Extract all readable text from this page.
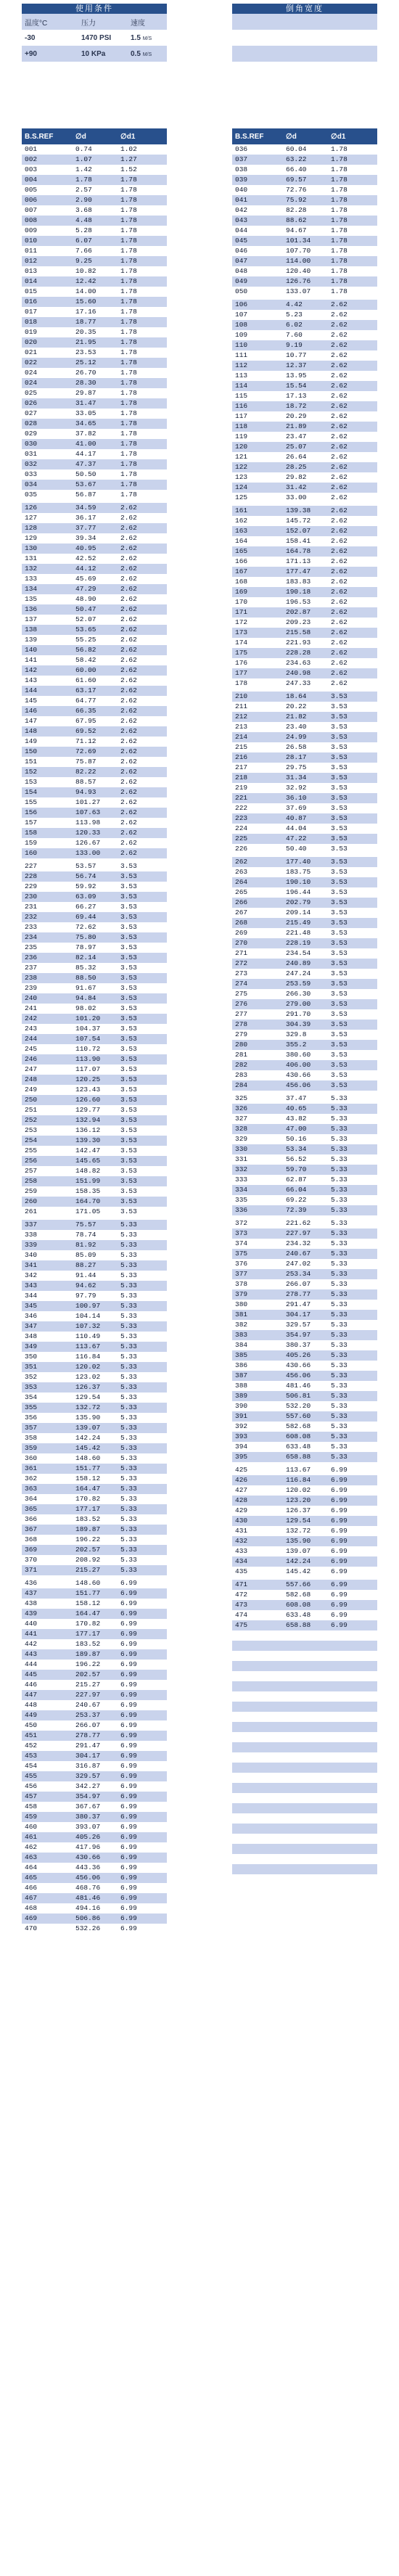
使用条件
温度°C	压力	速度
-30	1470 PSI	1.5 M/S
+90	10 KPa	0.5 M/S
倒角宽度

B.S.REF	∅d	∅d1
001	0.74	1.02
002	1.07	1.27
003	1.42	1.52
004	1.78	1.78
005	2.57	1.78
006	2.90	1.78
007	3.68	1.78
008	4.48	1.78
009	5.28	1.78
010	6.07	1.78
011	7.66	1.78
012	9.25	1.78
013	10.82	1.78
014	12.42	1.78
015	14.00	1.78
016	15.60	1.78
017	17.16	1.78
018	18.77	1.78
019	20.35	1.78
020	21.95	1.78
021	23.53	1.78
022	25.12	1.78
024	26.70	1.78
024	28.30	1.78
025	29.87	1.78
026	31.47	1.78
027	33.05	1.78
028	34.65	1.78
029	37.82	1.78
030	41.00	1.78
031	44.17	1.78
032	47.37	1.78
033	50.50	1.78
034	53.67	1.78
035	56.87	1.78
126	34.59	2.62
127	36.17	2.62
128	37.77	2.62
129	39.34	2.62
130	40.95	2.62
131	42.52	2.62
132	44.12	2.62
133	45.69	2.62
134	47.29	2.62
135	48.90	2.62
136	50.47	2.62
137	52.07	2.62
138	53.65	2.62
139	55.25	2.62
140	56.82	2.62
141	58.42	2.62
142	60.00	2.62
143	61.60	2.62
144	63.17	2.62
145	64.77	2.62
146	66.35	2.62
147	67.95	2.62
148	69.52	2.62
149	71.12	2.62
150	72.69	2.62
151	75.87	2.62
152	82.22	2.62
153	88.57	2.62
154	94.93	2.62
155	101.27	2.62
156	107.63	2.62
157	113.98	2.62
158	120.33	2.62
159	126.67	2.62
160	133.00	2.62
227	53.57	3.53
228	56.74	3.53
229	59.92	3.53
230	63.09	3.53
231	66.27	3.53
232	69.44	3.53
233	72.62	3.53
234	75.80	3.53
235	78.97	3.53
236	82.14	3.53
237	85.32	3.53
238	88.50	3.53
239	91.67	3.53
240	94.84	3.53
241	98.02	3.53
242	101.20	3.53
243	104.37	3.53
244	107.54	3.53
245	110.72	3.53
246	113.90	3.53
247	117.07	3.53
248	120.25	3.53
249	123.43	3.53
250	126.60	3.53
251	129.77	3.53
252	132.94	3.53
253	136.12	3.53
254	139.30	3.53
255	142.47	3.53
256	145.65	3.53
257	148.82	3.53
258	151.99	3.53
259	158.35	3.53
260	164.70	3.53
261	171.05	3.53
337	75.57	5.33
338	78.74	5.33
339	81.92	5.33
340	85.09	5.33
341	88.27	5.33
342	91.44	5.33
343	94.62	5.33
344	97.79	5.33
345	100.97	5.33
346	104.14	5.33
347	107.32	5.33
348	110.49	5.33
349	113.67	5.33
350	116.84	5.33
351	120.02	5.33
352	123.02	5.33
353	126.37	5.33
354	129.54	5.33
355	132.72	5.33
356	135.90	5.33
357	139.07	5.33
358	142.24	5.33
359	145.42	5.33
360	148.60	5.33
361	151.77	5.33
362	158.12	5.33
363	164.47	5.33
364	170.82	5.33
365	177.17	5.33
366	183.52	5.33
367	189.87	5.33
368	196.22	5.33
369	202.57	5.33
370	208.92	5.33
371	215.27	5.33
436	148.60	6.99
437	151.77	6.99
438	158.12	6.99
439	164.47	6.99
440	170.82	6.99
441	177.17	6.99
442	183.52	6.99
443	189.87	6.99
444	196.22	6.99
445	202.57	6.99
446	215.27	6.99
447	227.97	6.99
448	240.67	6.99
449	253.37	6.99
450	266.07	6.99
451	278.77	6.99
452	291.47	6.99
453	304.17	6.99
454	316.87	6.99
455	329.57	6.99
456	342.27	6.99
457	354.97	6.99
458	367.67	6.99
459	380.37	6.99
460	393.07	6.99
461	405.26	6.99
462	417.96	6.99
463	430.66	6.99
464	443.36	6.99
465	456.06	6.99
466	468.76	6.99
467	481.46	6.99
468	494.16	6.99
469	506.86	6.99
470	532.26	6.99
B.S.REF	∅d	∅d1
036	60.04	1.78
037	63.22	1.78
038	66.40	1.78
039	69.57	1.78
040	72.76	1.78
041	75.92	1.78
042	82.28	1.78
043	88.62	1.78
044	94.67	1.78
045	101.34	1.78
046	107.70	1.78
047	114.00	1.78
048	120.40	1.78
049	126.76	1.78
050	133.07	1.78
106	4.42	2.62
107	5.23	2.62
108	6.02	2.62
109	7.60	2.62
110	9.19	2.62
111	10.77	2.62
112	12.37	2.62
113	13.95	2.62
114	15.54	2.62
115	17.13	2.62
116	18.72	2.62
117	20.29	2.62
118	21.89	2.62
119	23.47	2.62
120	25.07	2.62
121	26.64	2.62
122	28.25	2.62
123	29.82	2.62
124	31.42	2.62
125	33.00	2.62
161	139.38	2.62
162	145.72	2.62
163	152.07	2.62
164	158.41	2.62
165	164.78	2.62
166	171.13	2.62
167	177.47	2.62
168	183.83	2.62
169	190.18	2.62
170	196.53	2.62
171	202.87	2.62
172	209.23	2.62
173	215.58	2.62
174	221.93	2.62
175	228.28	2.62
176	234.63	2.62
177	240.98	2.62
178	247.33	2.62
210	18.64	3.53
211	20.22	3.53
212	21.82	3.53
213	23.40	3.53
214	24.99	3.53
215	26.58	3.53
216	28.17	3.53
217	29.75	3.53
218	31.34	3.53
219	32.92	3.53
221	36.10	3.53
222	37.69	3.53
223	40.87	3.53
224	44.04	3.53
225	47.22	3.53
226	50.40	3.53
262	177.40	3.53
263	183.75	3.53
264	190.10	3.53
265	196.44	3.53
266	202.79	3.53
267	209.14	3.53
268	215.49	3.53
269	221.48	3.53
270	228.19	3.53
271	234.54	3.53
272	240.89	3.53
273	247.24	3.53
274	253.59	3.53
275	266.30	3.53
276	279.00	3.53
277	291.70	3.53
278	304.39	3.53
279	329.8	3.53
280	355.2	3.53
281	380.60	3.53
282	406.00	3.53
283	430.66	3.53
284	456.06	3.53
325	37.47	5.33
326	40.65	5.33
327	43.82	5.33
328	47.00	5.33
329	50.16	5.33
330	53.34	5.33
331	56.52	5.33
332	59.70	5.33
333	62.87	5.33
334	66.04	5.33
335	69.22	5.33
336	72.39	5.33
372	221.62	5.33
373	227.97	5.33
374	234.32	5.33
375	240.67	5.33
376	247.02	5.33
377	253.34	5.33
378	266.07	5.33
379	278.77	5.33
380	291.47	5.33
381	304.17	5.33
382	329.57	5.33
383	354.97	5.33
384	380.37	5.33
385	405.26	5.33
386	430.66	5.33
387	456.06	5.33
388	481.46	5.33
389	506.81	5.33
390	532.20	5.33
391	557.60	5.33
392	582.68	5.33
393	608.08	5.33
394	633.48	5.33
395	658.88	5.33
425	113.67	6.99
426	116.84	6.99
427	120.02	6.99
428	123.20	6.99
429	126.37	6.99
430	129.54	6.99
431	132.72	6.99
432	135.90	6.99
433	139.07	6.99
434	142.24	6.99
435	145.42	6.99
471	557.66	6.99
472	582.68	6.99
473	608.08	6.99
474	633.48	6.99
475	658.88	6.99
